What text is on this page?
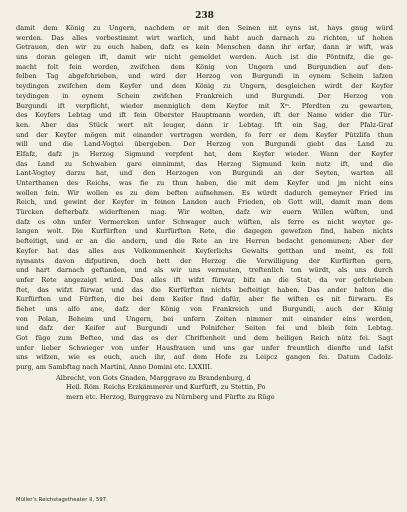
238
damit dem König zu Ungern, nachdem er mit den Seinen nit eyns ist, hays gnug würd
werden. Das alles vorbestimmt wirt warlich, und habt auch darnach zu richten, uf hohen
Getrauen, den wir zu euch haben, dafz es kein Menschen dann ihr erfar, dann ir wift, was
uns doran gelegen ift, damit wir nicht gemeldet werden. Auch ist die Pöntnifz, die ge-
macht folt fein worden, zwifchen dem König von Ungern und Burgundien auf den-
felben Tag abgefchrieben, und wird der Herzog von Burgundi in eynem Schein lafzen
teydingen zwifchen dem Keyfer und dem König zu Ungern, desgleichen wirdt der Keyfer
teydingen in eynem Schein zwifchen Frankreich und Burgundi. Der Herzog von
Burgundi ift verpflicht, wieder menniglich dem Keyfer mit Xᵐ. Pferdten zu gewarten,
des Keyfers Lebtag und ift fein Oberster Hauptmann worden, ift der Name wider die Tür-
ken. Aber das Stück wert nit leuger, dann ir Lebtag. Ift ein Sag, der Pfalz-Graf
und der Keyfer mögen mit einander vertragen werden, fo ferr er dem Keyfer Pützlifa thun
will und die Land-Vogtei übergeben. Der Herzog von Burgundi giebt das Land zu
Elfafz, dafz jn Herzog Sigmund verpfent hat, dem Keyfer wieder. Wann der Keyfer
das Land zu Schwaben gare einnimmt, das Herzog Sigmund kein nutz ift, und die
Lant-Vogtey darzu hat, und den Herzogen von Burgundi an der Seyten, warten all
Unterthanen des Reichs, was fie zu thun haben, die mit dem Keyfer und jm nicht eins
wollen fein. Wir wollen es zu dem beften aufnehmen. Es würdt dadurch gemeyner Fried im
Reich, und gewint der Keyfer in feinen Landen auch Frieden, ob Gott will, damit man dem
Türcken defterbafz widerftenen mag. Wir wolten, dafz wir euern Willen wüften, und
dafz es ohn unfer Vermercken unfer Schwager auch wüften, als ferre es nicht weyter ge-
langen wolt. Die Kurfürften und Kurfürften Rete, die dagegen gewefzen find, haben nichts
befteitigt, und er an die andern, und die Rete an ire Herren bedacht genomunen; Aber der
Keyfer hat das alles aus Volkommenheit Keyferlichs Gewalts getthan und meint, es foll
nymants davon difputiren, doch hett der Herzog die Verwilligung der Kurfürften gern,
und hart darnach geftanden, und als wir uns vermuten, treftenlich ton würdt, als uns durch
unfer Rete angezaigt würd. Das alles ift wifzt fürwar, bifz an die Stat, da vor gefchrieben
ftet, das wifzt fürwar, und das die Kurfürften nichts befteitigt haben. Das ander halten die
Kurfürften und Fürften, die bei dem Keifer find dafür, aber fie wiften es nit fürwarn. Es
fiehet uns alfo ane, dafz der König von Frankreich und Burgundi, auch der König
von Polan, Beheim und Ungern, bei unfern Zeiten nimmer mit einander eins werden,
und dafz der Keifer auf Burgundi und Polnifcher Seiten fei und bleib fein Lebtag.
Got füge zum Befteo, und das es der Chriftenheit und dem heiligen Reich nütz fei. Sagt
unfer lieber Schwieger von unfer Hausfrauen und uns gar unfer freuntlich dienfte und lafst
uns wifzen, wie es euch, auch ihr, auf dem Hofe zu Leipcz gangen fei. Datum Cadolz-
purg, am Sambftag nach Martini, Anno Domini etc. LXXIII.
Albrecht, von Gots Gnaden, Marggrave zu Brandenburg, d
Heil. Röm. Reichs Erzkämmerer und Kurfürft, zu Stettin, Po
mern etc. Herzog, Burggrave zu Nürnberg und Fürfte zu Rüge
Müller's Reichstagstheater II, 597.
